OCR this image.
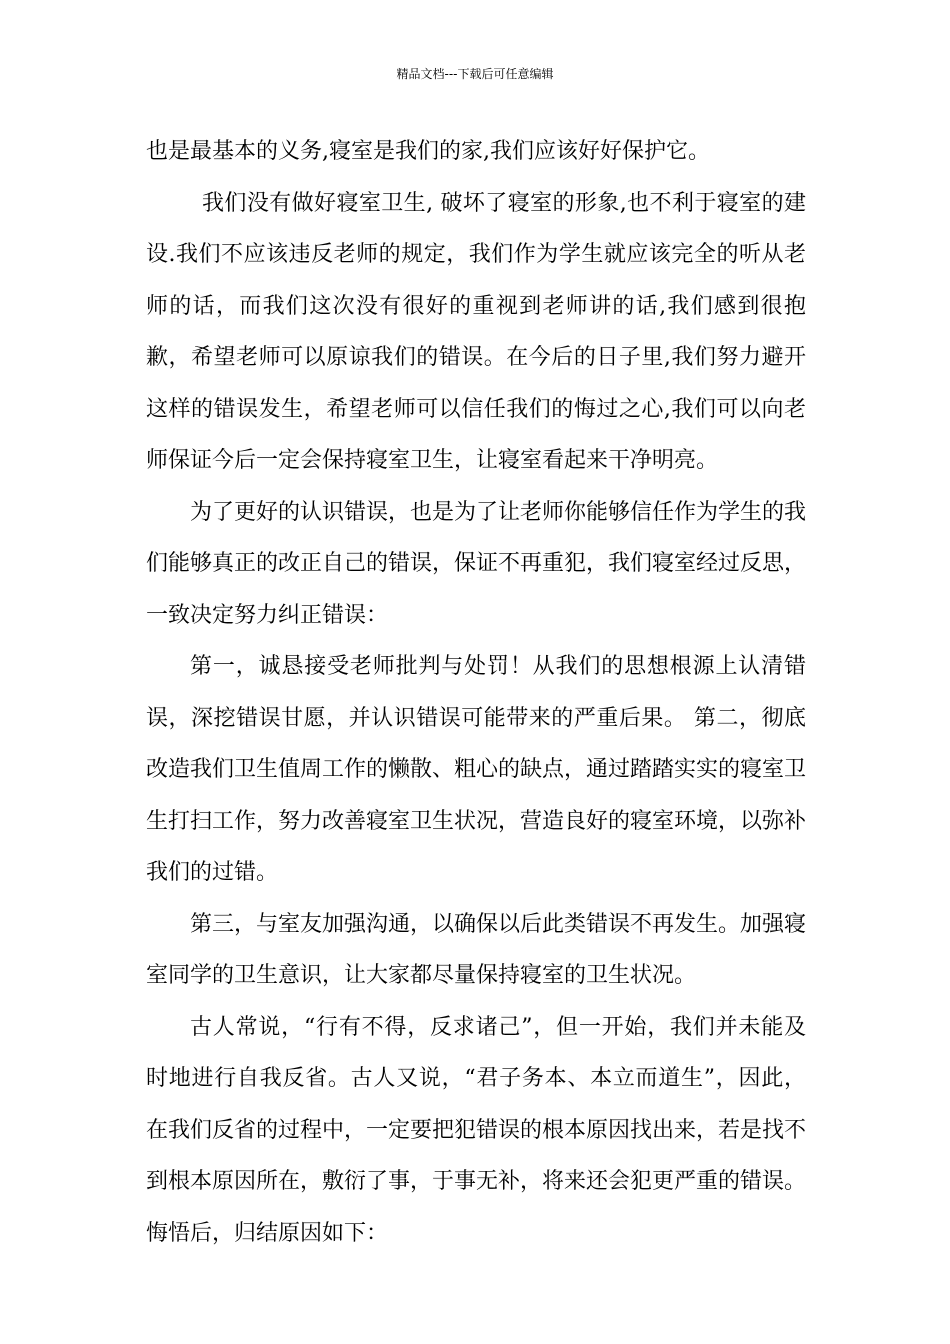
精品文档---下载后可任意编辑

也是最基本的义务,寝室是我们的家,我们应该好好保护它。

我们没有做好寝室卫生, 破坏了寝室的形象,也不利于寝室的建设.我们不应该违反老师的规定，我们作为学生就应该完全的听从老师的话，而我们这次没有很好的重视到老师讲的话,我们感到很抱歉，希望老师可以原谅我们的错误。在今后的日子里,我们努力避开这样的错误发生，希望老师可以信任我们的悔过之心,我们可以向老师保证今后一定会保持寝室卫生，让寝室看起来干净明亮。

为了更好的认识错误，也是为了让老师你能够信任作为学生的我们能够真正的改正自己的错误，保证不再重犯，我们寝室经过反思，一致决定努力纠正错误：

第一，诚恳接受老师批判与处罚！从我们的思想根源上认清错误，深挖错误甘愿，并认识错误可能带来的严重后果。 第二，彻底改造我们卫生值周工作的懒散、粗心的缺点，通过踏踏实实的寝室卫生打扫工作，努力改善寝室卫生状况，营造良好的寝室环境，以弥补我们的过错。

第三，与室友加强沟通，以确保以后此类错误不再发生。加强寝室同学的卫生意识，让大家都尽量保持寝室的卫生状况。

古人常说，“行有不得，反求诸己”，但一开始，我们并未能及时地进行自我反省。古人又说，“君子务本、本立而道生”，因此，在我们反省的过程中，一定要把犯错误的根本原因找出来，若是找不到根本原因所在，敷衍了事，于事无补，将来还会犯更严重的错误。悔悟后，归结原因如下：
